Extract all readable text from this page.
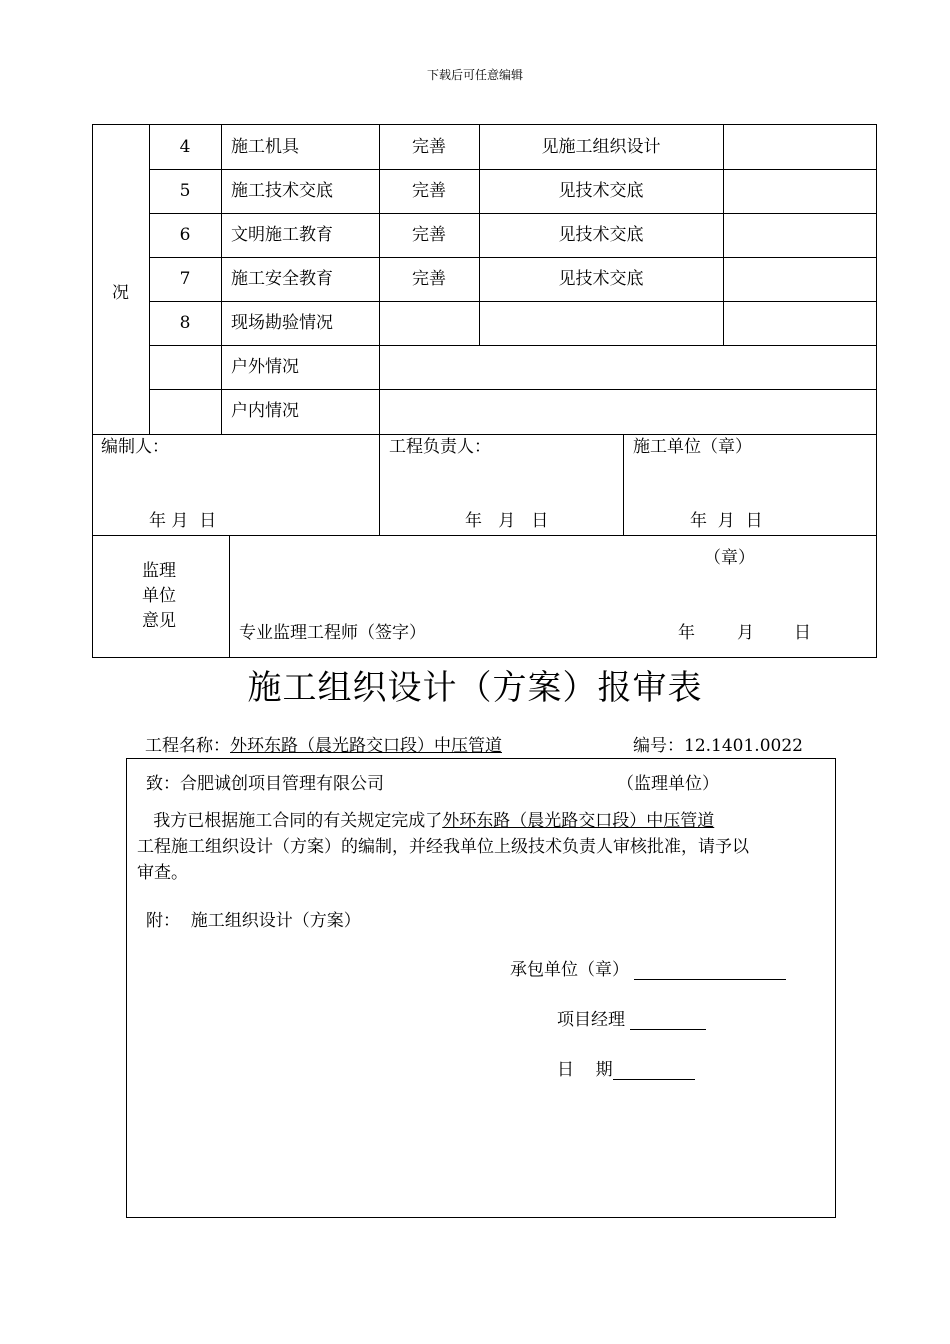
下载后可任意编辑
况
4	施工机具	完善	见施工组织设计
5	施工技术交底	完善	见技术交底
6	文明施工教育	完善	见技术交底
7	施工安全教育	完善	见技术交底
8	现场勘验情况
户外情况
户内情况
编制人：	工程负责人：	施工单位（章）
年 月  日	年   月   日	年  月  日
监理
单位
意见
（章）
专业监理工程师（签字）	年 月 日
施工组织设计（方案）报审表
工程名称：外环东路（晨光路交口段）中压管道	编号：12.1401.0022
致：合肥诚创项目管理有限公司	（监理单位）
我方已根据施工合同的有关规定完成了外环东路（晨光路交口段）中压管道
工程施工组织设计（方案）的编制，并经我单位上级技术负责人审核批准，请予以
审查。
附：  施工组织设计（方案）
承包单位（章）
项目经理
日    期
